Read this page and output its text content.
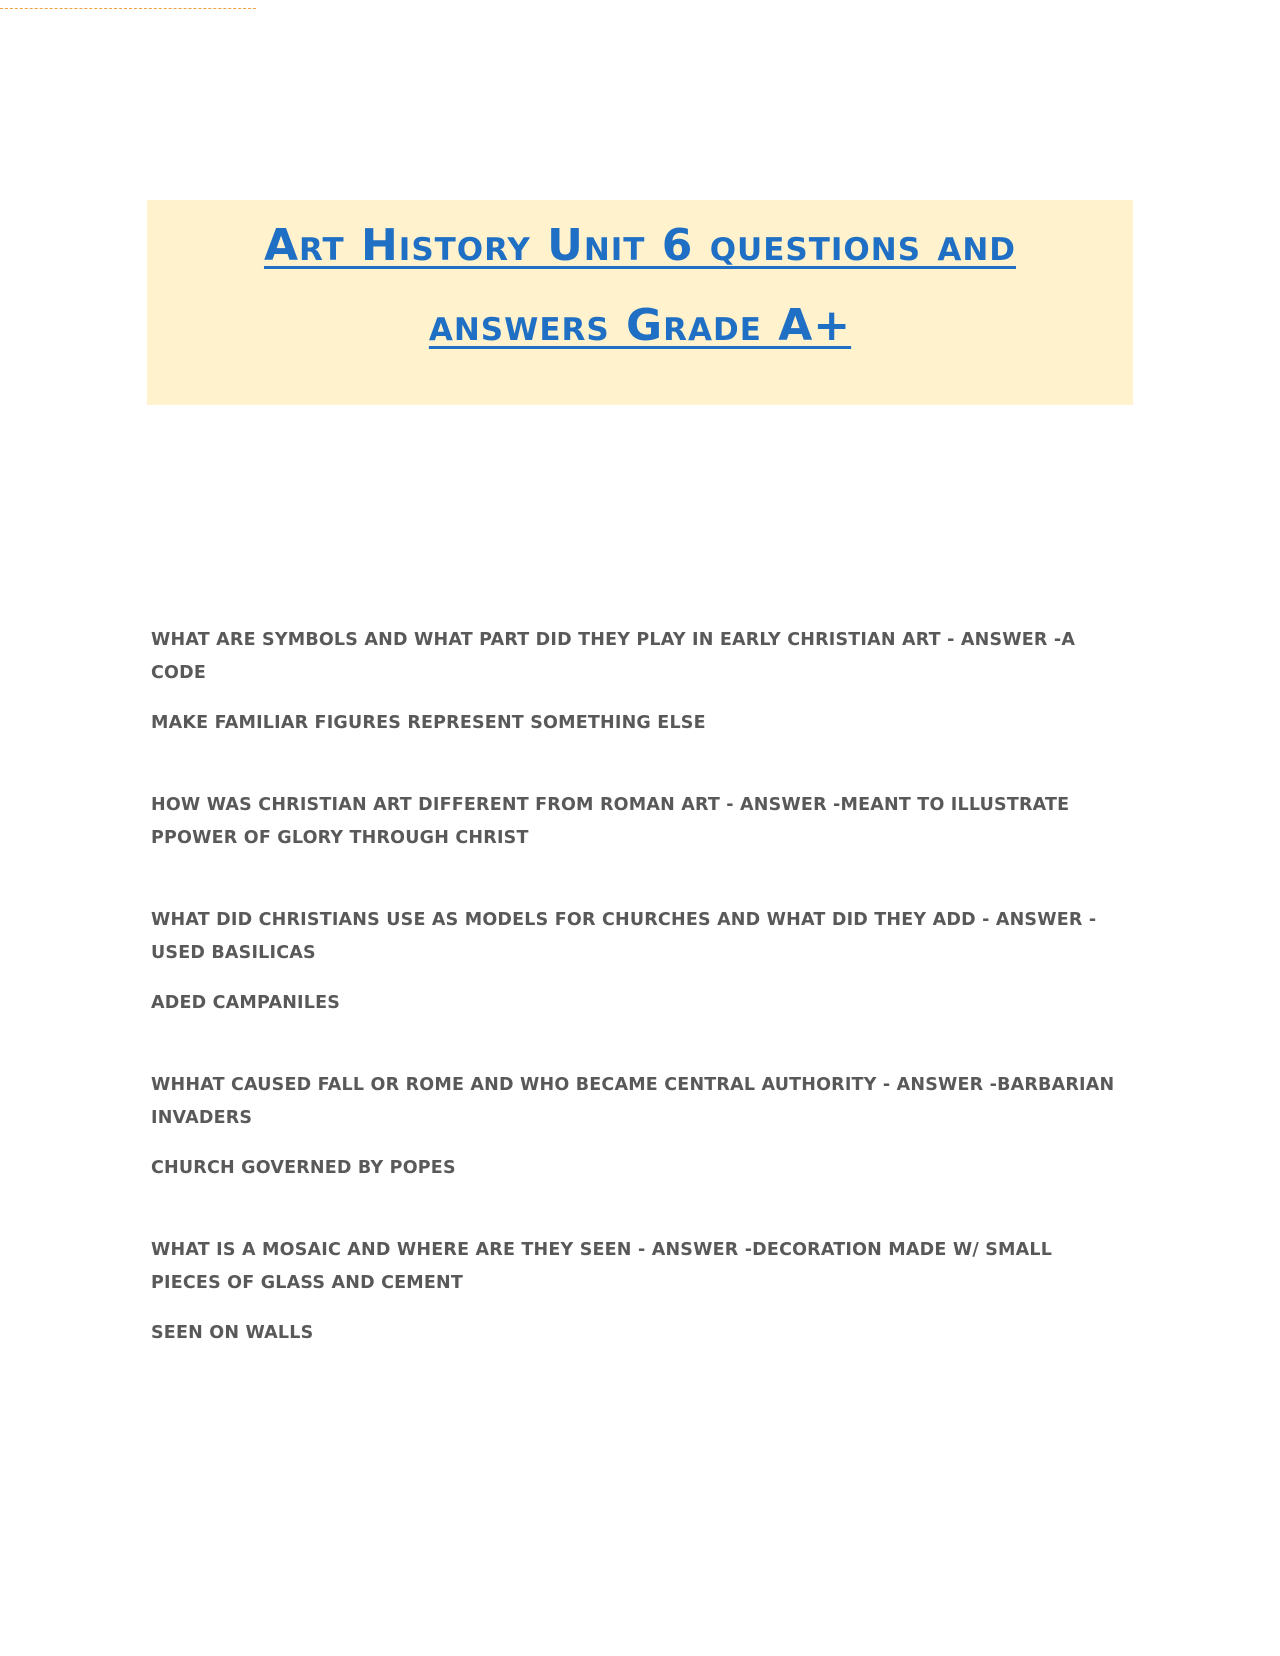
Art History Unit 6 questions and
answers Grade A+
WHAT ARE SYMBOLS AND WHAT PART DID THEY PLAY IN EARLY CHRISTIAN ART - ANSWER -A CODE
MAKE FAMILIAR FIGURES REPRESENT SOMETHING ELSE
HOW WAS CHRISTIAN ART DIFFERENT FROM ROMAN ART - ANSWER -MEANT TO ILLUSTRATE PPOWER OF GLORY THROUGH CHRIST
WHAT DID CHRISTIANS USE AS MODELS FOR CHURCHES AND WHAT DID THEY ADD - ANSWER -USED BASILICAS
ADED CAMPANILES
WHHAT CAUSED FALL OR ROME AND WHO BECAME CENTRAL AUTHORITY - ANSWER -BARBARIAN INVADERS
CHURCH GOVERNED BY POPES
WHAT IS A MOSAIC AND WHERE ARE THEY SEEN - ANSWER -DECORATION MADE W/ SMALL PIECES OF GLASS AND CEMENT
SEEN ON WALLS
